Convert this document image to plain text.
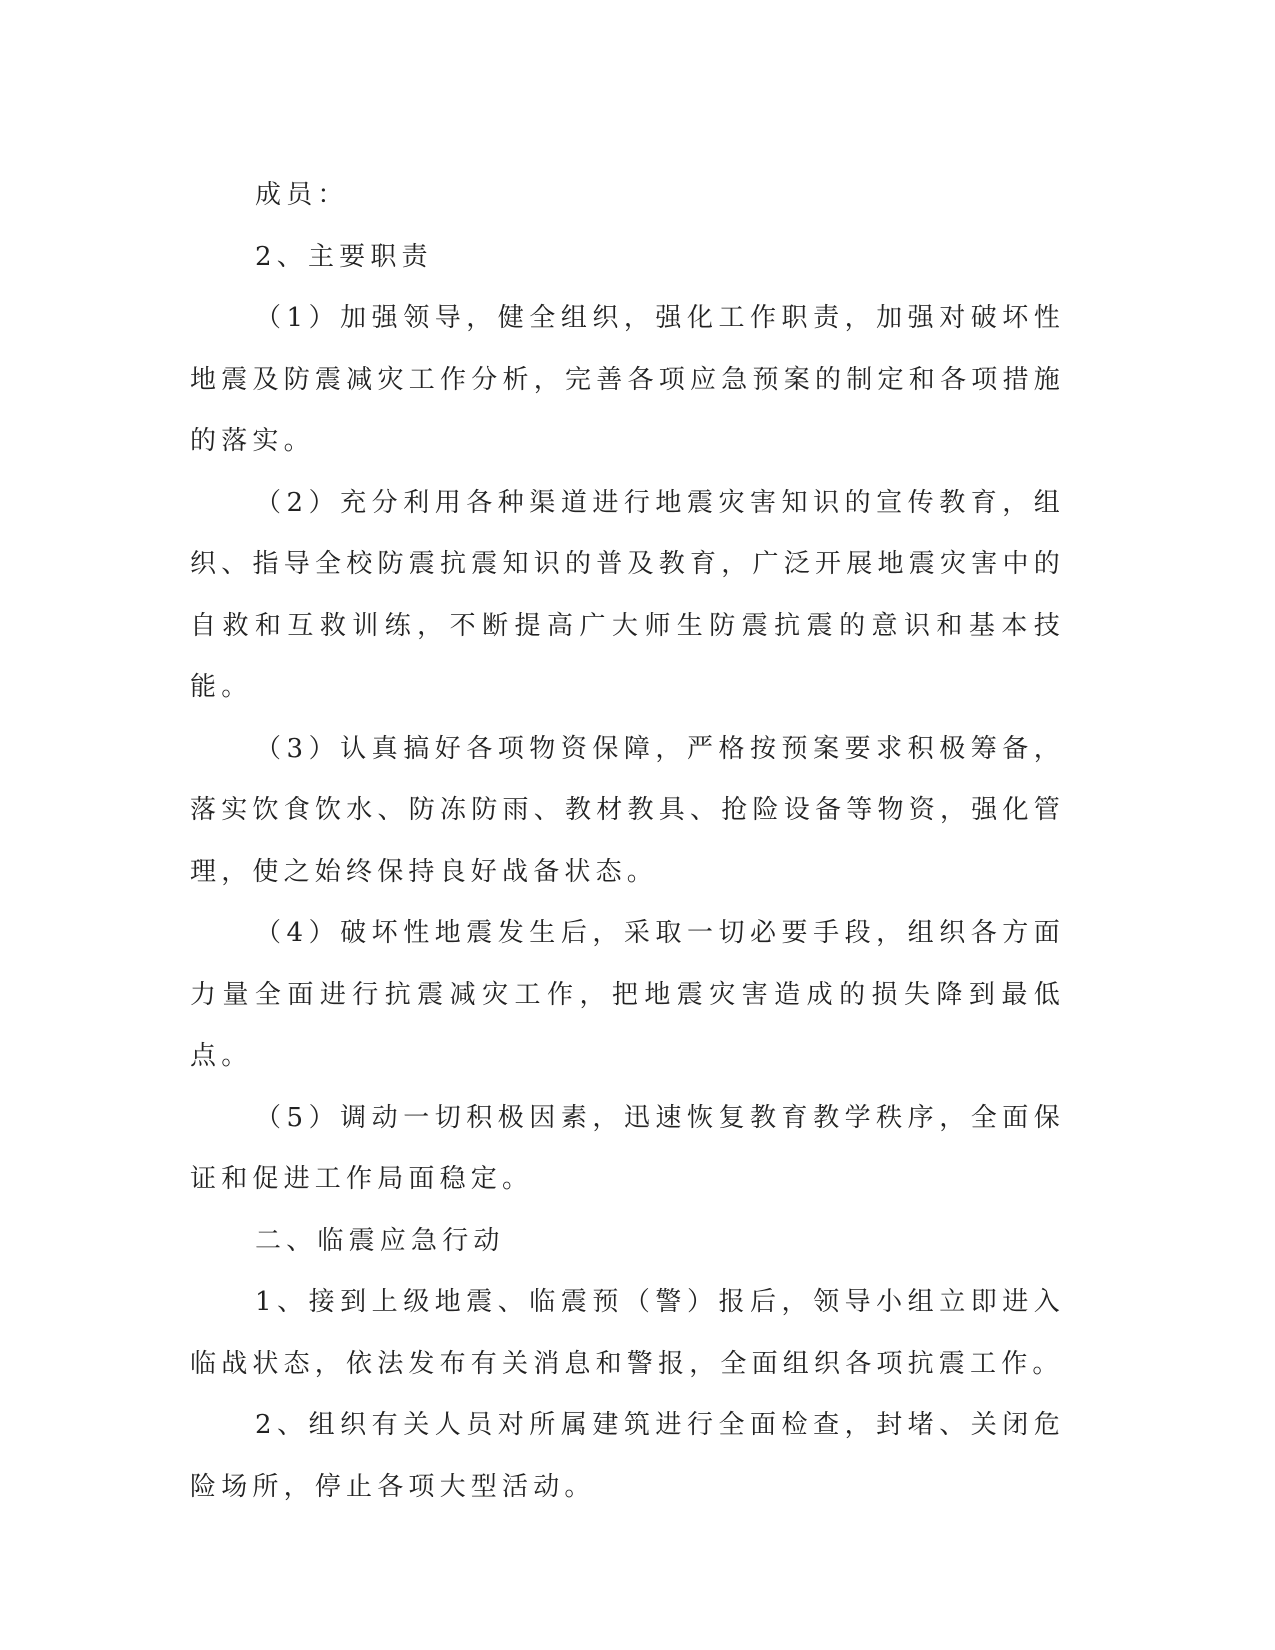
成员：

2、主要职责

（1）加强领导，健全组织，强化工作职责，加强对破坏性地震及防震减灾工作分析，完善各项应急预案的制定和各项措施的落实。

（2）充分利用各种渠道进行地震灾害知识的宣传教育，组织、指导全校防震抗震知识的普及教育，广泛开展地震灾害中的自救和互救训练，不断提高广大师生防震抗震的意识和基本技能。

（3）认真搞好各项物资保障，严格按预案要求积极筹备，落实饮食饮水、防冻防雨、教材教具、抢险设备等物资，强化管理，使之始终保持良好战备状态。

（4）破坏性地震发生后，采取一切必要手段，组织各方面力量全面进行抗震减灾工作，把地震灾害造成的损失降到最低点。

（5）调动一切积极因素，迅速恢复教育教学秩序，全面保证和促进工作局面稳定。

二、临震应急行动

1、接到上级地震、临震预（警）报后，领导小组立即进入临战状态，依法发布有关消息和警报，全面组织各项抗震工作。

2、组织有关人员对所属建筑进行全面检查，封堵、关闭危险场所，停止各项大型活动。
